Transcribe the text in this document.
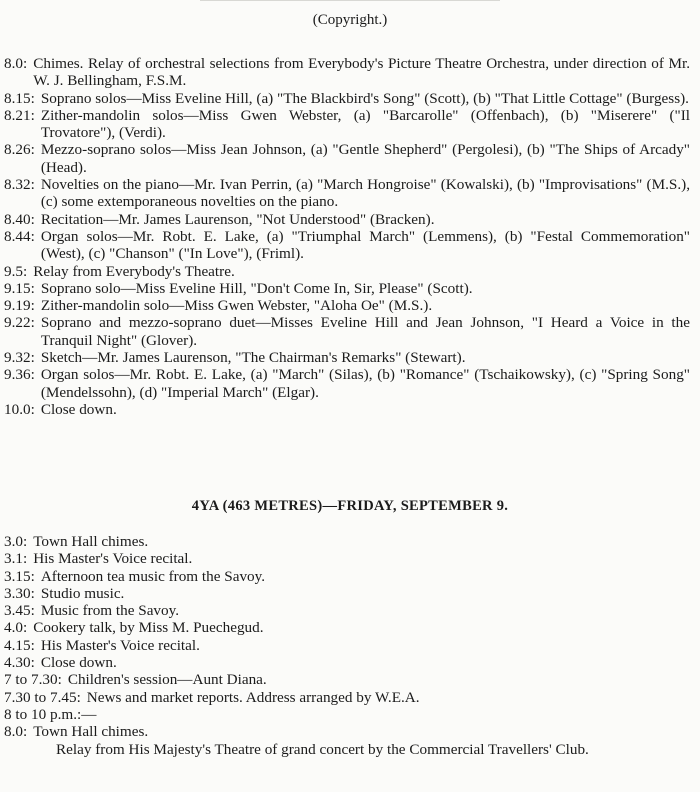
(Copyright.)
8.0: Chimes. Relay of orchestral selections from Everybody's Picture Theatre Orchestra, under direction of Mr. W. J. Bellingham, F.S.M.
8.15: Soprano solos—Miss Eveline Hill, (a) "The Blackbird's Song" (Scott), (b) "That Little Cottage" (Burgess).
8.21: Zither-mandolin solos—Miss Gwen Webster, (a) "Barcarolle" (Offenbach), (b) "Miserere" ("Il Trovatore"), (Verdi).
8.26: Mezzo-soprano solos—Miss Jean Johnson, (a) "Gentle Shepherd" (Pergolesi), (b) "The Ships of Arcady" (Head).
8.32: Novelties on the piano—Mr. Ivan Perrin, (a) "March Hongroise" (Kowalski), (b) "Improvisations" (M.S.), (c) some extemporaneous novelties on the piano.
8.40: Recitation—Mr. James Laurenson, "Not Understood" (Bracken).
8.44: Organ solos—Mr. Robt. E. Lake, (a) "Triumphal March" (Lemmens), (b) "Festal Commemoration" (West), (c) "Chanson" ("In Love"), (Friml).
9.5: Relay from Everybody's Theatre.
9.15: Soprano solo—Miss Eveline Hill, "Don't Come In, Sir, Please" (Scott).
9.19: Zither-mandolin solo—Miss Gwen Webster, "Aloha Oe" (M.S.).
9.22: Soprano and mezzo-soprano duet—Misses Eveline Hill and Jean Johnson, "I Heard a Voice in the Tranquil Night" (Glover).
9.32: Sketch—Mr. James Laurenson, "The Chairman's Remarks" (Stewart).
9.36: Organ solos—Mr. Robt. E. Lake, (a) "March" (Silas), (b) "Romance" (Tschaikowsky), (c) "Spring Song" (Mendelssohn), (d) "Imperial March" (Elgar).
10.0: Close down.
4YA (463 METRES)—FRIDAY, SEPTEMBER 9.
3.0: Town Hall chimes.
3.1: His Master's Voice recital.
3.15: Afternoon tea music from the Savoy.
3.30: Studio music.
3.45: Music from the Savoy.
4.0: Cookery talk, by Miss M. Puechegud.
4.15: His Master's Voice recital.
4.30: Close down.
7 to 7.30: Children's session—Aunt Diana.
7.30 to 7.45: News and market reports. Address arranged by W.E.A.
8 to 10 p.m.:—
8.0: Town Hall chimes.
Relay from His Majesty's Theatre of grand concert by the Commercial Travellers' Club.
